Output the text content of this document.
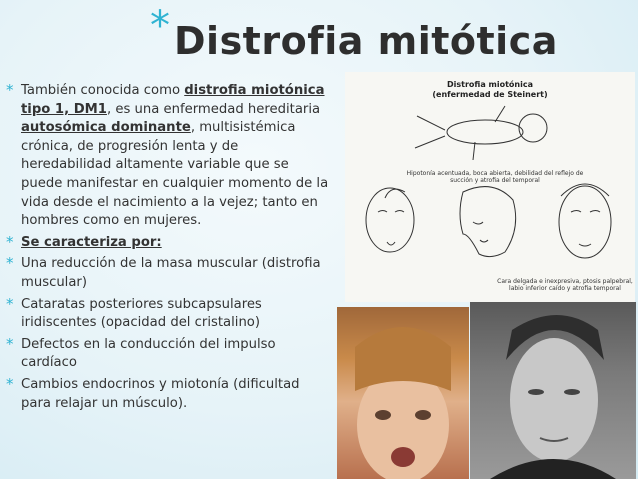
* Distrofia mitótica
* También conocida como distrofia miotónica tipo 1, DM1, es una enfermedad hereditaria autosómica dominante, multisistémica crónica, de progresión lenta y de heredabilidad altamente variable que se puede manifestar en cualquier momento de la vida desde el nacimiento a la vejez; tanto en hombres como en mujeres.
* Se caracteriza por:
* Una reducción de la masa muscular (distrofia muscular)
* Cataratas posteriores subcapsulares iridiscentes (opacidad del cristalino)
* Defectos en la conducción del impulso cardíaco
* Cambios endocrinos y miotonía (dificultad para relajar un músculo).
Distrofia miotónica
(enfermedad de Steinert)
Hipotonía acentuada, boca abierta, debilidad del reflejo de succión y atrofia del temporal
Cara delgada e inexpresiva, ptosis palpebral, labio inferior caído y atrofia temporal
